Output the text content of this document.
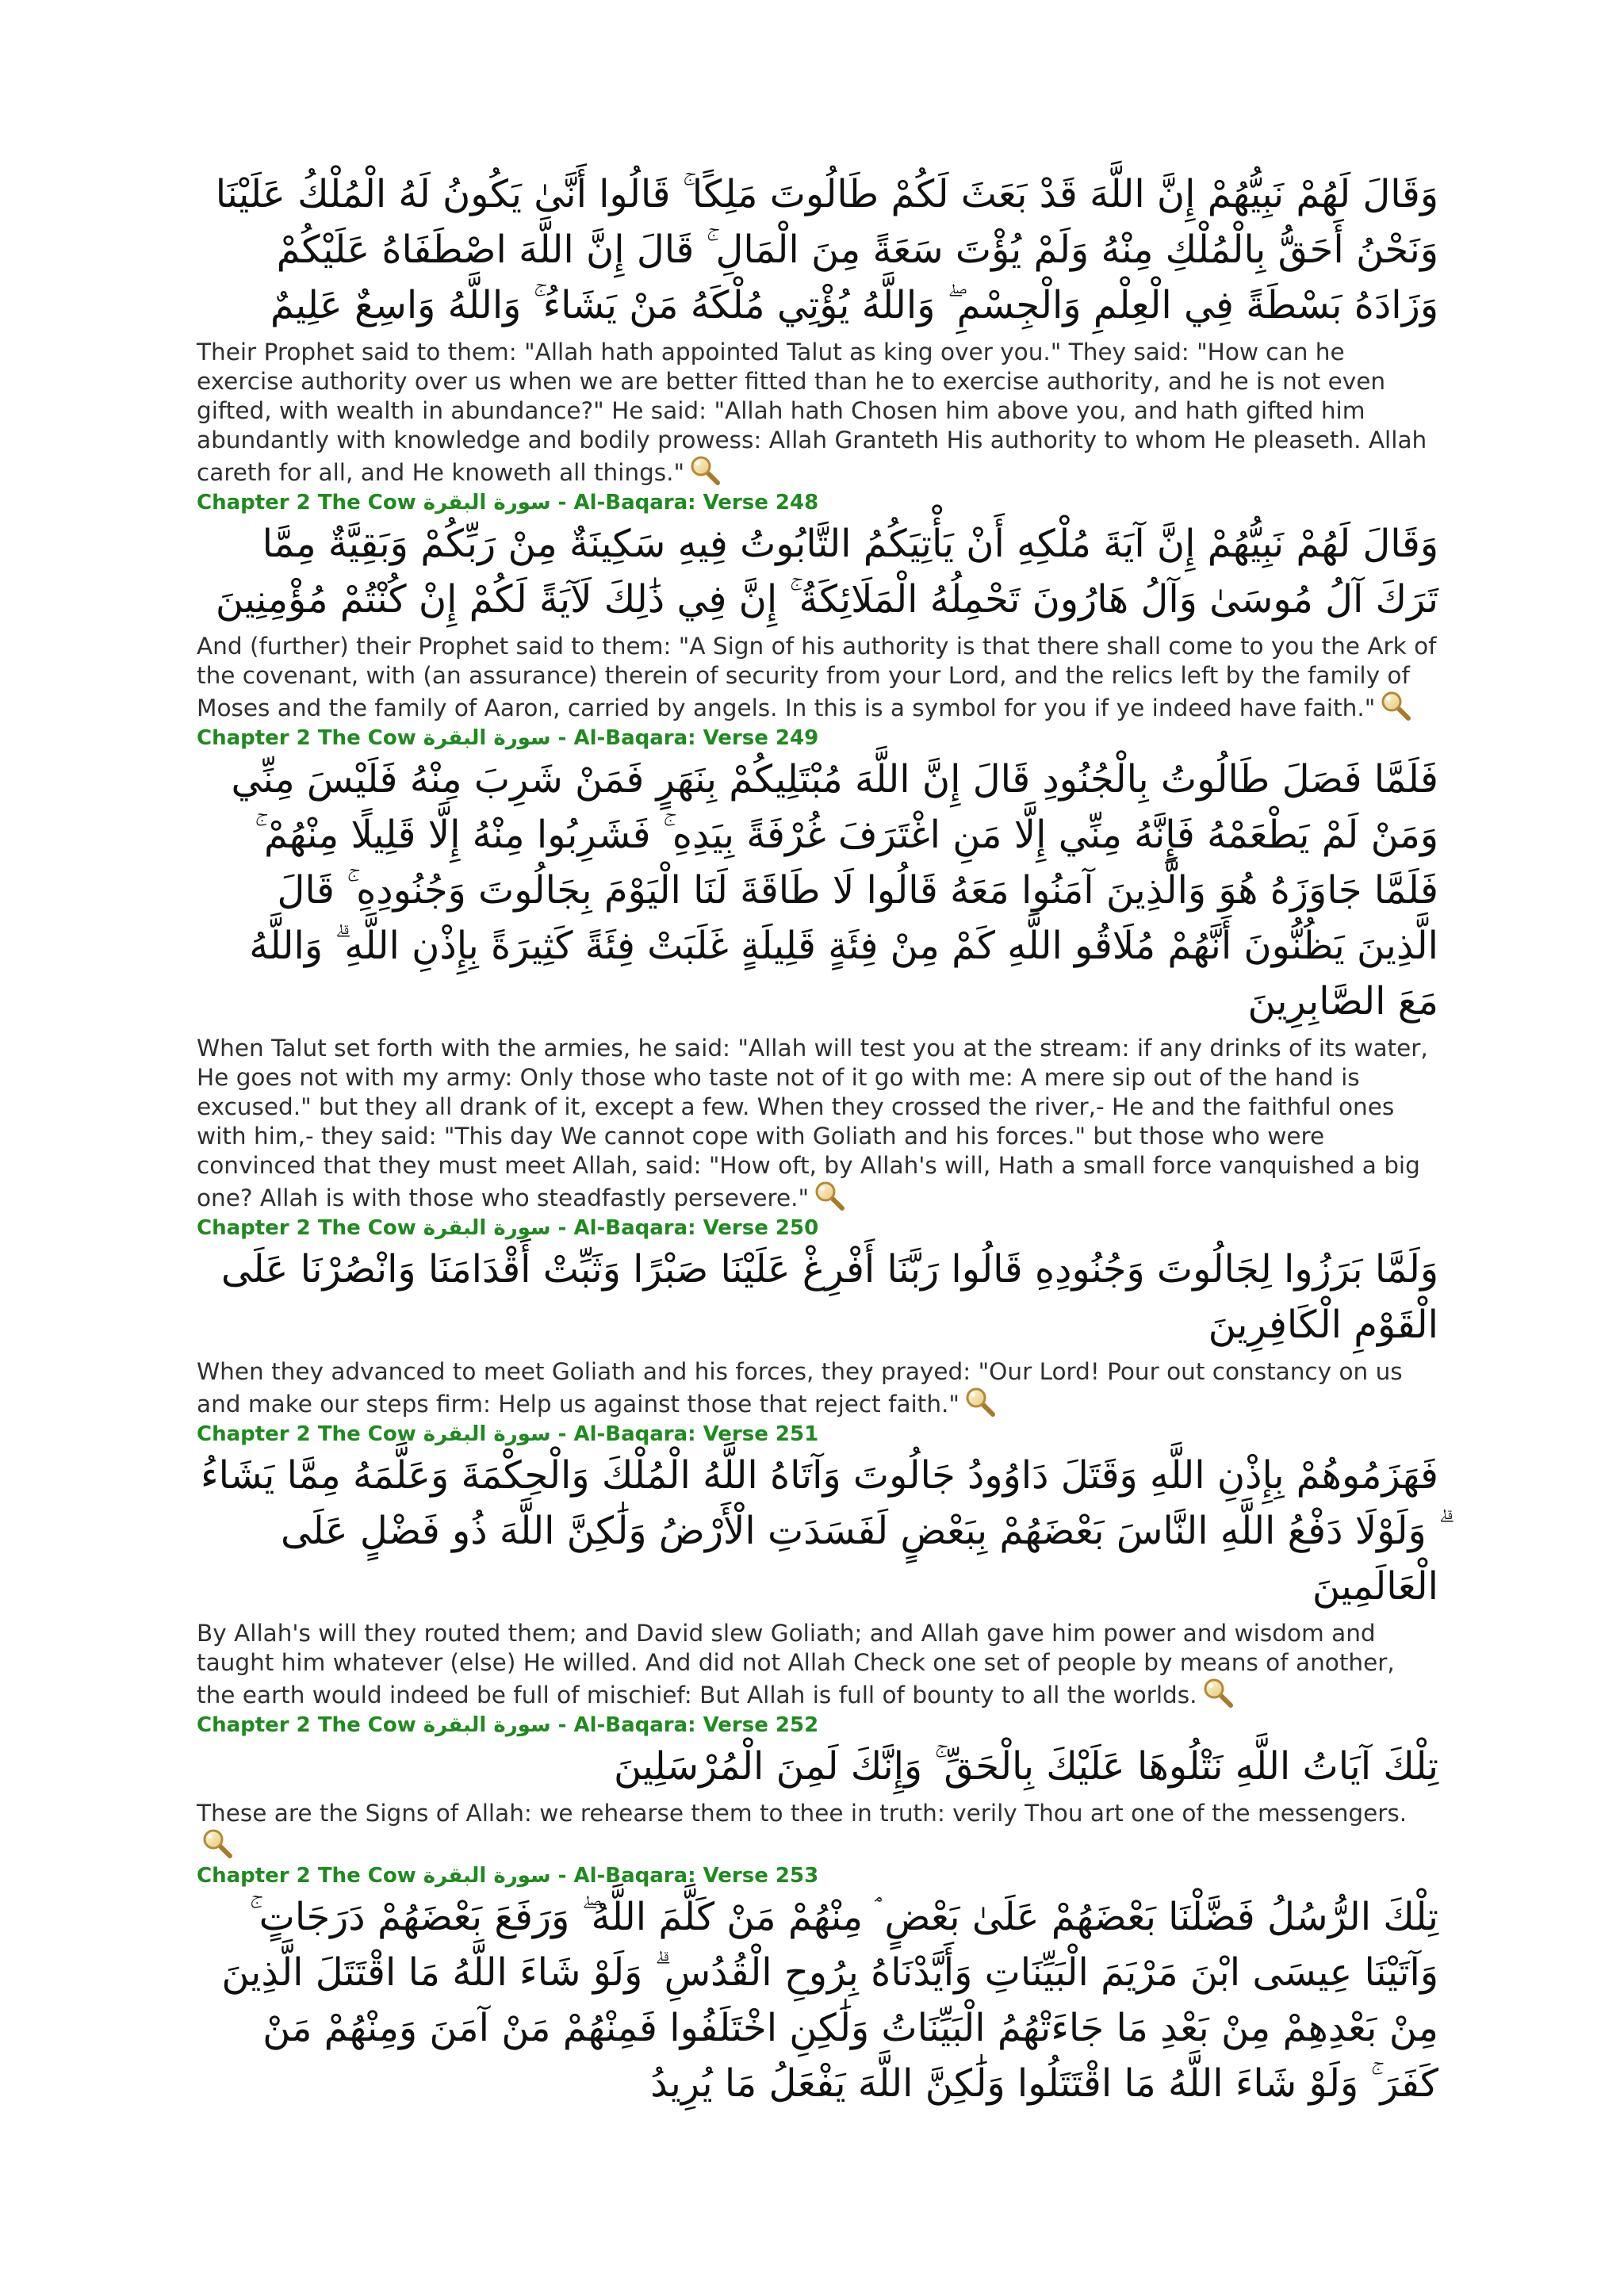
وَقَالَ لَهُمْ نَبِيُّهُمْ إِنَّ اللَّهَ قَدْ بَعَثَ لَكُمْ طَالُوتَ مَلِكًا ۚ قَالُوا أَنَّىٰ يَكُونُ لَهُ الْمُلْكُ عَلَيْنَا وَنَحْنُ أَحَقُّ بِالْمُلْكِ مِنْهُ وَلَمْ يُؤْتَ سَعَةً مِنَ الْمَالِ ۚ قَالَ إِنَّ اللَّهَ اصْطَفَاهُ عَلَيْكُمْ وَزَادَهُ بَسْطَةً فِي الْعِلْمِ وَالْجِسْمِ ۖ وَاللَّهُ يُؤْتِي مُلْكَهُ مَنْ يَشَاءُ ۚ وَاللَّهُ وَاسِعٌ عَلِيمٌ

Their Prophet said to them: "Allah hath appointed Talut as king over you." They said: "How can he exercise authority over us when we are better fitted than he to exercise authority, and he is not even gifted, with wealth in abundance?" He said: "Allah hath Chosen him above you, and hath gifted him abundantly with knowledge and bodily prowess: Allah Granteth His authority to whom He pleaseth. Allah careth for all, and He knoweth all things."

Chapter 2 The Cow سورة البقرة - Al-Baqara: Verse 248

وَقَالَ لَهُمْ نَبِيُّهُمْ إِنَّ آيَةَ مُلْكِهِ أَنْ يَأْتِيَكُمُ التَّابُوتُ فِيهِ سَكِينَةٌ مِنْ رَبِّكُمْ وَبَقِيَّةٌ مِمَّا تَرَكَ آلُ مُوسَىٰ وَآلُ هَارُونَ تَحْمِلُهُ الْمَلَائِكَةُ ۚ إِنَّ فِي ذَٰلِكَ لَآيَةً لَكُمْ إِنْ كُنْتُمْ مُؤْمِنِينَ

And (further) their Prophet said to them: "A Sign of his authority is that there shall come to you the Ark of the covenant, with (an assurance) therein of security from your Lord, and the relics left by the family of Moses and the family of Aaron, carried by angels. In this is a symbol for you if ye indeed have faith."

Chapter 2 The Cow سورة البقرة - Al-Baqara: Verse 249

فَلَمَّا فَصَلَ طَالُوتُ بِالْجُنُودِ قَالَ إِنَّ اللَّهَ مُبْتَلِيكُمْ بِنَهَرٍ فَمَنْ شَرِبَ مِنْهُ فَلَيْسَ مِنِّي وَمَنْ لَمْ يَطْعَمْهُ فَإِنَّهُ مِنِّي إِلَّا مَنِ اغْتَرَفَ غُرْفَةً بِيَدِهِ ۚ فَشَرِبُوا مِنْهُ إِلَّا قَلِيلًا مِنْهُمْ ۚ فَلَمَّا جَاوَزَهُ هُوَ وَالَّذِينَ آمَنُوا مَعَهُ قَالُوا لَا طَاقَةَ لَنَا الْيَوْمَ بِجَالُوتَ وَجُنُودِهِ ۚ قَالَ الَّذِينَ يَظُنُّونَ أَنَّهُمْ مُلَاقُو اللَّهِ كَمْ مِنْ فِئَةٍ قَلِيلَةٍ غَلَبَتْ فِئَةً كَثِيرَةً بِإِذْنِ اللَّهِ ۗ وَاللَّهُ مَعَ الصَّابِرِينَ

When Talut set forth with the armies, he said: "Allah will test you at the stream: if any drinks of its water, He goes not with my army: Only those who taste not of it go with me: A mere sip out of the hand is excused." but they all drank of it, except a few. When they crossed the river,- He and the faithful ones with him,- they said: "This day We cannot cope with Goliath and his forces." but those who were convinced that they must meet Allah, said: "How oft, by Allah's will, Hath a small force vanquished a big one? Allah is with those who steadfastly persevere."

Chapter 2 The Cow سورة البقرة - Al-Baqara: Verse 250

وَلَمَّا بَرَزُوا لِجَالُوتَ وَجُنُودِهِ قَالُوا رَبَّنَا أَفْرِغْ عَلَيْنَا صَبْرًا وَثَبِّتْ أَقْدَامَنَا وَانْصُرْنَا عَلَى الْقَوْمِ الْكَافِرِينَ

When they advanced to meet Goliath and his forces, they prayed: "Our Lord! Pour out constancy on us and make our steps firm: Help us against those that reject faith."

Chapter 2 The Cow سورة البقرة - Al-Baqara: Verse 251

فَهَزَمُوهُمْ بِإِذْنِ اللَّهِ وَقَتَلَ دَاوُودُ جَالُوتَ وَآتَاهُ اللَّهُ الْمُلْكَ وَالْحِكْمَةَ وَعَلَّمَهُ مِمَّا يَشَاءُ ۗ وَلَوْلَا دَفْعُ اللَّهِ النَّاسَ بَعْضَهُمْ بِبَعْضٍ لَفَسَدَتِ الْأَرْضُ وَلَٰكِنَّ اللَّهَ ذُو فَضْلٍ عَلَى الْعَالَمِينَ

By Allah's will they routed them; and David slew Goliath; and Allah gave him power and wisdom and taught him whatever (else) He willed. And did not Allah Check one set of people by means of another, the earth would indeed be full of mischief: But Allah is full of bounty to all the worlds.

Chapter 2 The Cow سورة البقرة - Al-Baqara: Verse 252

تِلْكَ آيَاتُ اللَّهِ نَتْلُوهَا عَلَيْكَ بِالْحَقِّ ۚ وَإِنَّكَ لَمِنَ الْمُرْسَلِينَ

These are the Signs of Allah: we rehearse them to thee in truth: verily Thou art one of the messengers.

Chapter 2 The Cow سورة البقرة - Al-Baqara: Verse 253

تِلْكَ الرُّسُلُ فَضَّلْنَا بَعْضَهُمْ عَلَىٰ بَعْضٍ ۘ مِنْهُمْ مَنْ كَلَّمَ اللَّهُ ۖ وَرَفَعَ بَعْضَهُمْ دَرَجَاتٍ ۚ وَآتَيْنَا عِيسَى ابْنَ مَرْيَمَ الْبَيِّنَاتِ وَأَيَّدْنَاهُ بِرُوحِ الْقُدُسِ ۗ وَلَوْ شَاءَ اللَّهُ مَا اقْتَتَلَ الَّذِينَ مِنْ بَعْدِهِمْ مِنْ بَعْدِ مَا جَاءَتْهُمُ الْبَيِّنَاتُ وَلَٰكِنِ اخْتَلَفُوا فَمِنْهُمْ مَنْ آمَنَ وَمِنْهُمْ مَنْ كَفَرَ ۚ وَلَوْ شَاءَ اللَّهُ مَا اقْتَتَلُوا وَلَٰكِنَّ اللَّهَ يَفْعَلُ مَا يُرِيدُ
